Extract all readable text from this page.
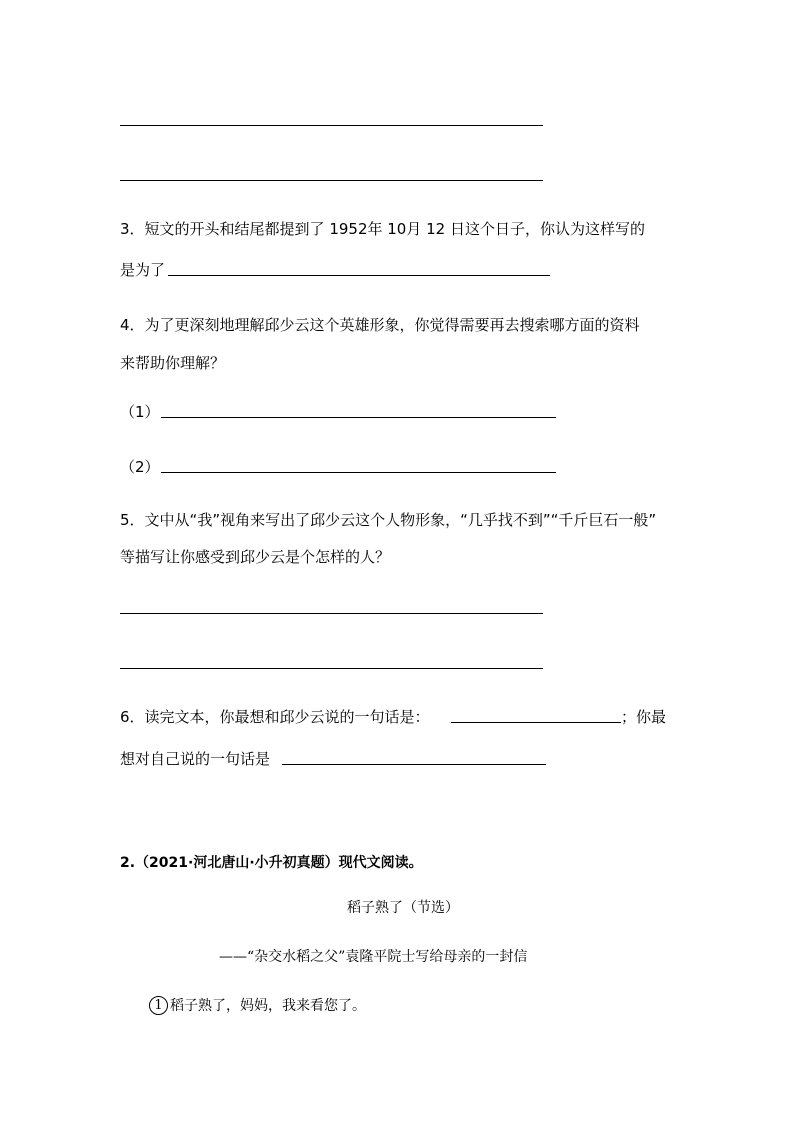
3．短文的开头和结尾都提到了 1952年 10月 12 日这个日子，你认为这样写的
是为了
4．为了更深刻地理解邱少云这个英雄形象，你觉得需要再去搜索哪方面的资料
来帮助你理解？
（1）
（2）
5．文中从“我”视角来写出了邱少云这个人物形象，“几乎找不到”“千斤巨石一般”
等描写让你感受到邱少云是个怎样的人？
6．读完文本，你最想和邱少云说的一句话是：	；你最
想对自己说的一句话是
2.（2021·河北唐山·小升初真题）现代文阅读。
稻子熟了（节选）
——“杂交水稻之父”袁隆平院士写给母亲的一封信
1 稻子熟了，妈妈，我来看您了。
